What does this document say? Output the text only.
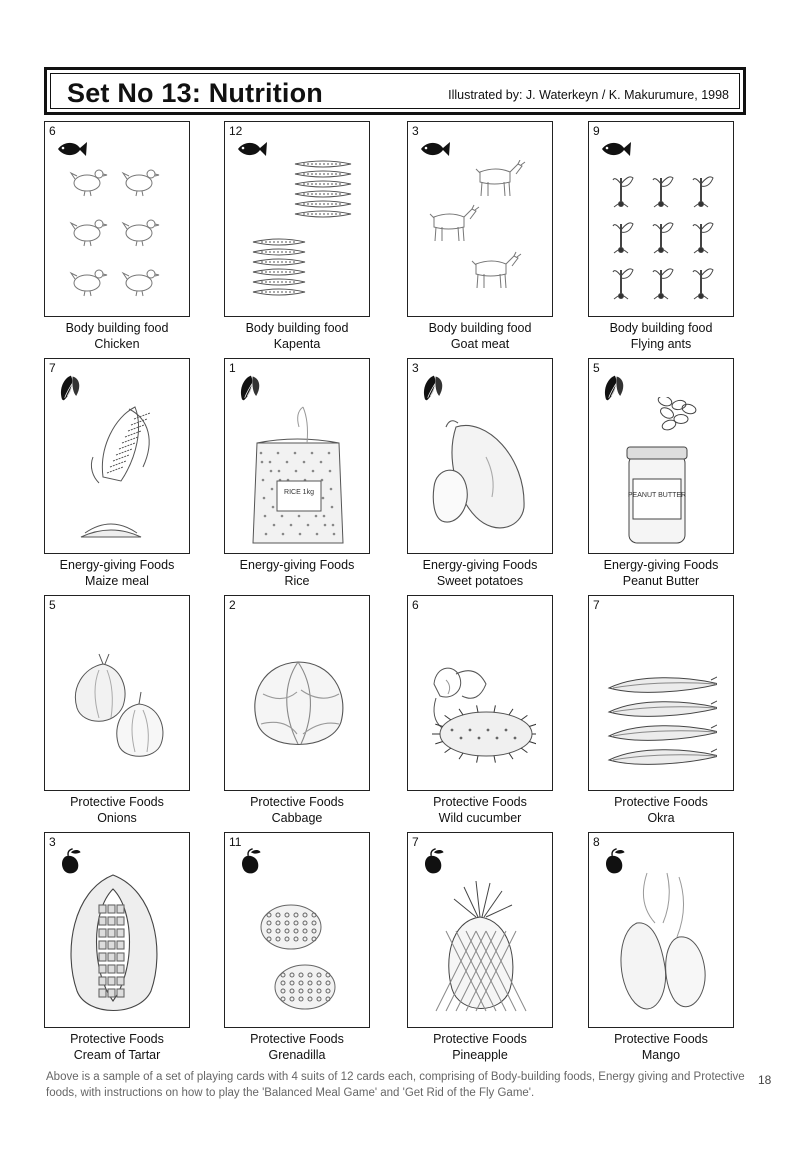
Set No 13: Nutrition	Illustrated by: J. Waterkeyn / K. Makurumure, 1998
6
Body building food
Chicken
12
Body building food
Kapenta
3
Body building food
Goat meat
9
Body building food
Flying ants
7
Energy-giving Foods
Maize meal
1
RICE 1kg
Energy-giving Foods
Rice
3
Energy-giving Foods
Sweet potatoes
5
PEANUT BUTTER
Energy-giving Foods
Peanut Butter
5
Protective Foods
Onions
2
Protective Foods
Cabbage
6
Protective Foods
Wild cucumber
7
Protective Foods
Okra
3
Protective Foods
Cream of Tartar
11
Protective Foods
Grenadilla
7
Protective Foods
Pineapple
8
Protective Foods
Mango
Above is a sample of a set of playing cards with 4 suits of 12 cards each, comprising of Body-building foods, Energy giving and Protective foods, with instructions on how to play the 'Balanced Meal Game' and 'Get Rid of the Fly Game'.
18
